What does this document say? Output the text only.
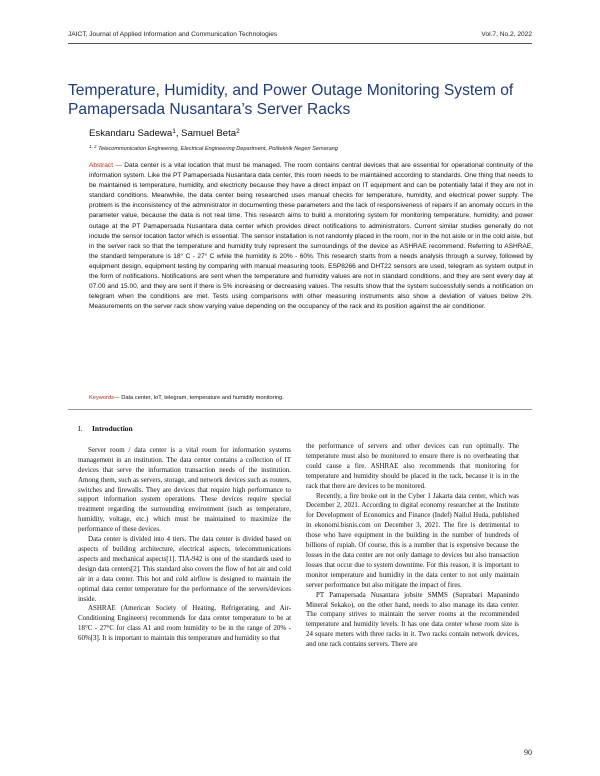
JAICT, Journal of Applied Information and Communication Technologies	Vol.7, No.2, 2022
Temperature, Humidity, and Power Outage Monitoring System of Pamapersada Nusantara’s Server Racks
Eskandaru Sadewa$^1$, Samuel Beta$^2$
$^{1, 2}$ Telecommunication Engineering, Electrical Engineering Department, Politeknik Negeri Semarang

Abstract — Data center is a vital location that must be managed. The room contains central devices that are essential for operational continuity of the information system. Like the PT Pamapersada Nusantara data center, this room needs to be maintained according to standards. One thing that needs to be maintained is temperature, humidity, and electricity because they have a direct impact on IT equipment and can be potentially fatal if they are not in standard conditions. Meanwhile, the data center being researched uses manual checks for temperature, humidity, and electrical power supply. The problem is the inconsistency of the administrator in documenting these parameters and the lack of responsiveness of repairs if an anomaly occurs in the parameter value, because the data is not real time. This research aims to build a monitoring system for monitoring temperature, humidity, and power outage at the PT Pamapersada Nusantara data center which provides direct notifications to administrators. Current similar studies generally do not include the sensor location factor which is essential. The sensor installation is not randomly placed in the room, nor in the hot aisle or in the cold aisle, but in the server rack so that the temperature and humidity truly represent the surroundings of the device as ASHRAE recommend. Referring to ASHRAE, the standard temperature is 18° C - 27° C while the humidity is 20% - 60%. This research starts from a needs analysis through a survey, followed by equipment design, equipment testing by comparing with manual measuring tools. ESP8266 and DHT22 sensors are used, telegram as system output in the form of notifications. Notifications are sent when the temperature and humidity values are not in standard conditions, and they are sent every day at 07.00 and 15.00, and they are sent if there is 5% increasing or decreasing values. The results show that the system successfully sends a notification on telegram when the conditions are met. Tests using comparisons with other measuring instruments also show a deviation of values below 2%. Measurements on the server rack show varying value depending on the occupancy of the rack and its position against the air conditioner.

Keywords— Data center, IoT, telegram, temperature and humidity monitoring.

I. Introduction

Server room / data center is a vital room for information systems management in an institution. The data center contains a collection of IT devices that serve the information transaction needs of the institution. Among them, such as servers, storage, and network devices such as routers, switches and firewalls. They are devices that require high performance to support information system operations. These devices require special treatment regarding the surrounding environment (such as temperature, humidity, voltage, etc.) which must be maintained to maximize the performance of these devices.

Data center is divided into 4 tiers. The data center is divided based on aspects of building architecture, electrical aspects, telecommunications aspects and mechanical aspects[1]. TIA-942 is one of the standards used to design data centers[2]. This standard also covers the flow of hot air and cold air in a data center. This hot and cold airflow is designed to maintain the optimal data center temperature for the performance of the servers/devices inside.

ASHRAE (American Society of Heating, Refrigerating, and Air-Conditioning Engineers) recommends for data center temperature to be at 18°C - 27°C for class A1 and room humidity to be in the range of 20% - 60%[3]. It is important to maintain this temperature and humidity so that

the performance of servers and other devices can run optimally. The temperature must also be monitored to ensure there is no overheating that could cause a fire. ASHRAE also recommends that monitoring for temperature and humidity should be placed in the rack, because it is in the rack that there are devices to be monitored.

Recently, a fire broke out in the Cyber 1 Jakarta data center, which was December 2, 2021. According to digital economy researcher at the Institute for Development of Economics and Finance (Indef) Nailul Huda, published in ekonomi.bisnis.com on December 3, 2021. The fire is detrimental to those who have equipment in the building in the number of hundreds of billions of rupiah. Of course, this is a number that is expensive because the losses in the data center are not only damage to devices but also transaction losses that occur due to system downtime. For this reason, it is important to monitor temperature and humidity in the data center to not only maintain server performance but also mitigate the impact of fires.

PT Pamapersada Nusantara jobsite SMMS (Suprabari Mapanindo Mineral Sekako), on the other hand, needs to also manage its data center. The company strives to maintain the server rooms at the recommended temperature and humidity levels. It has one data center whose room size is 24 square meters with three racks in it. Two racks contain network devices, and one rack contains servers. There are

90
